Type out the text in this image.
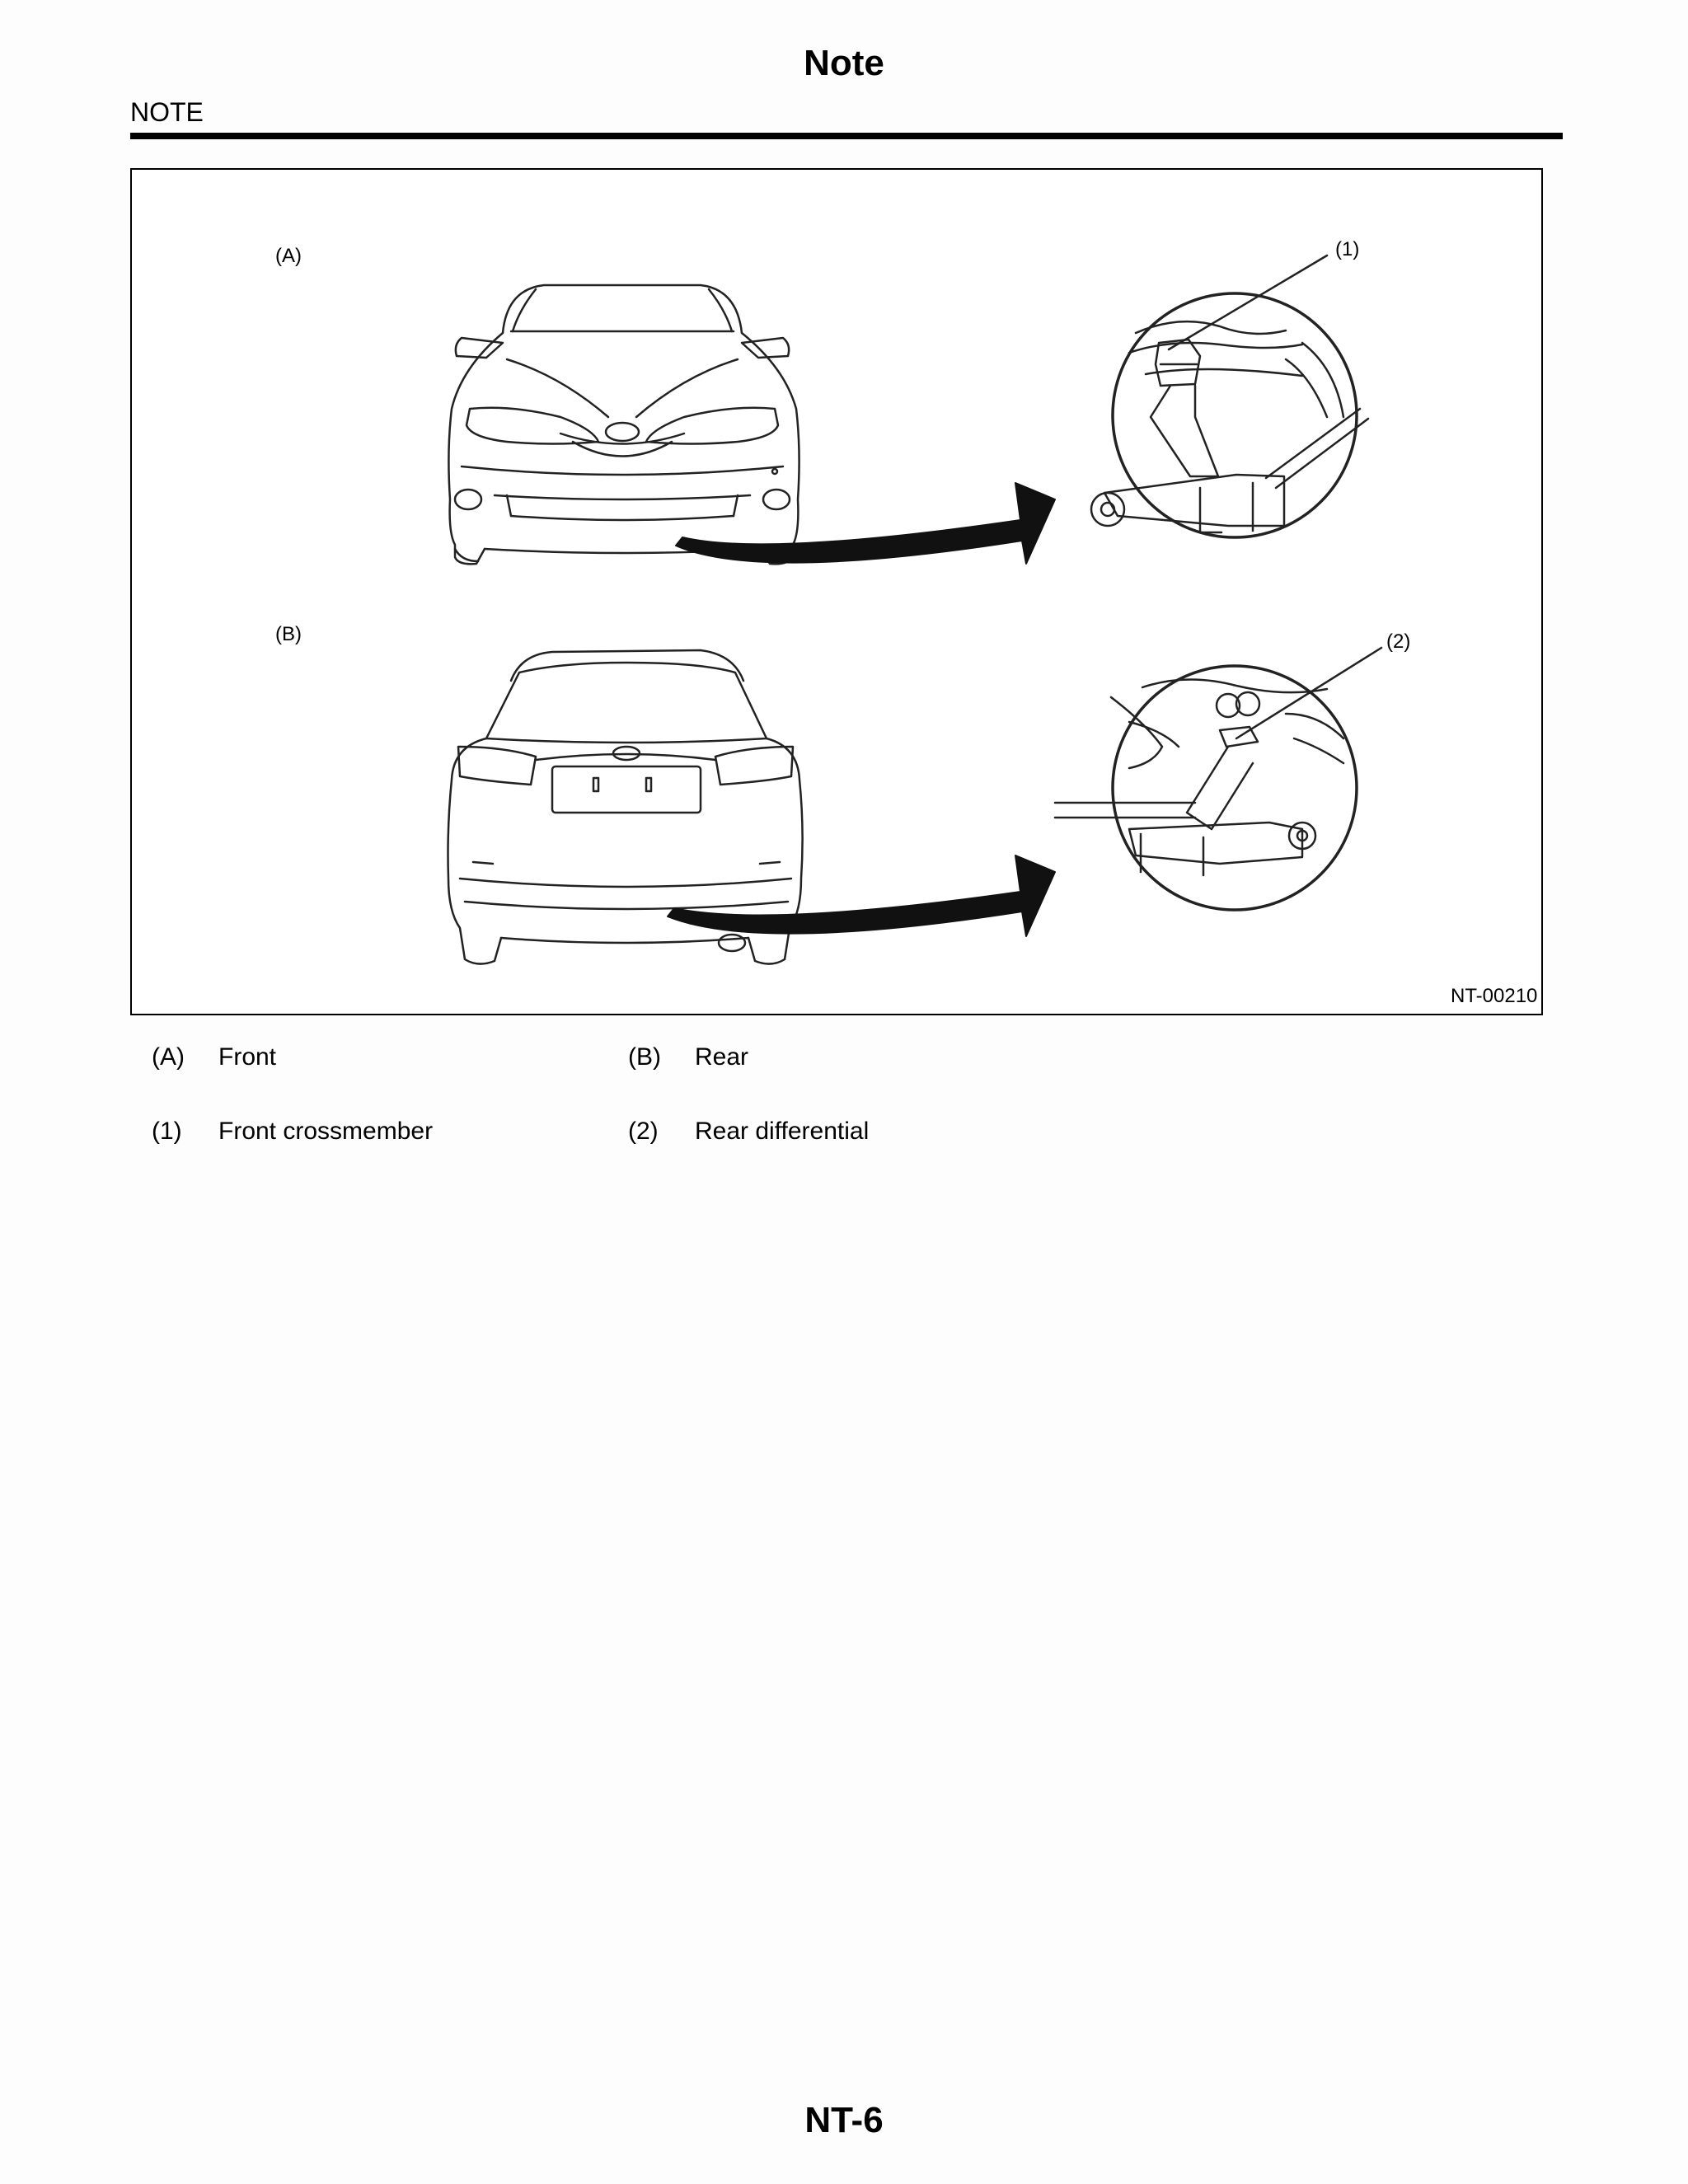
Note
NOTE
(A)
(B)
(1)
(2)
NT-00210
(A) Front	(B) Rear
(1) Front crossmember	(2) Rear differential
NT-6
